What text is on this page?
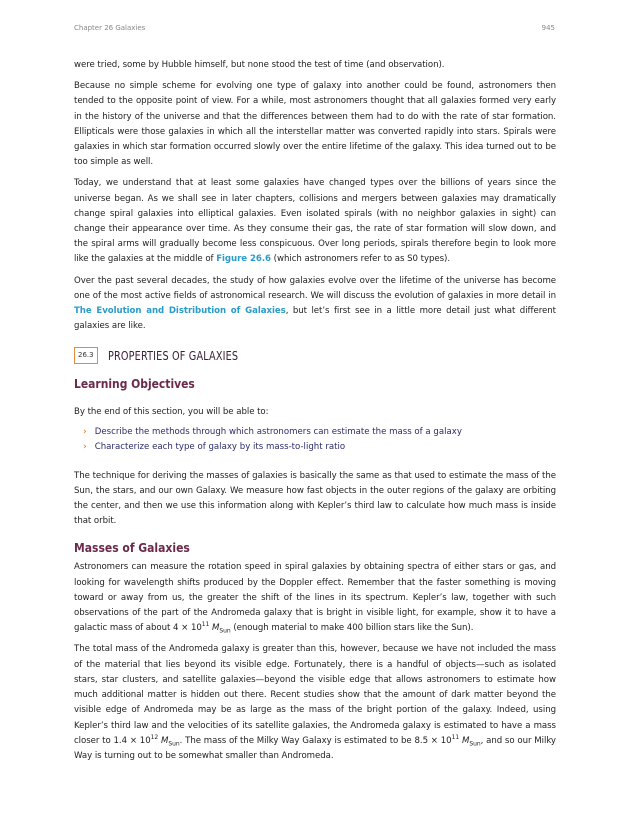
Chapter 26 Galaxies	945

were tried, some by Hubble himself, but none stood the test of time (and observation).

Because no simple scheme for evolving one type of galaxy into another could be found, astronomers then tended to the opposite point of view. For a while, most astronomers thought that all galaxies formed very early in the history of the universe and that the differences between them had to do with the rate of star formation. Ellipticals were those galaxies in which all the interstellar matter was converted rapidly into stars. Spirals were galaxies in which star formation occurred slowly over the entire lifetime of the galaxy. This idea turned out to be too simple as well.

Today, we understand that at least some galaxies have changed types over the billions of years since the universe began. As we shall see in later chapters, collisions and mergers between galaxies may dramatically change spiral galaxies into elliptical galaxies. Even isolated spirals (with no neighbor galaxies in sight) can change their appearance over time. As they consume their gas, the rate of star formation will slow down, and the spiral arms will gradually become less conspicuous. Over long periods, spirals therefore begin to look more like the galaxies at the middle of Figure 26.6 (which astronomers refer to as S0 types).

Over the past several decades, the study of how galaxies evolve over the lifetime of the universe has become one of the most active fields of astronomical research. We will discuss the evolution of galaxies in more detail in The Evolution and Distribution of Galaxies, but let’s first see in a little more detail just what different galaxies are like.

26.3	PROPERTIES OF GALAXIES
Learning Objectives

By the end of this section, you will be able to:

› Describe the methods through which astronomers can estimate the mass of a galaxy
› Characterize each type of galaxy by its mass-to-light ratio

The technique for deriving the masses of galaxies is basically the same as that used to estimate the mass of the Sun, the stars, and our own Galaxy. We measure how fast objects in the outer regions of the galaxy are orbiting the center, and then we use this information along with Kepler’s third law to calculate how much mass is inside that orbit.

Masses of Galaxies

Astronomers can measure the rotation speed in spiral galaxies by obtaining spectra of either stars or gas, and looking for wavelength shifts produced by the Doppler effect. Remember that the faster something is moving toward or away from us, the greater the shift of the lines in its spectrum. Kepler’s law, together with such observations of the part of the Andromeda galaxy that is bright in visible light, for example, show it to have a galactic mass of about $4 \times 10^{11}$ $M_{Sun}$ (enough material to make 400 billion stars like the Sun).

The total mass of the Andromeda galaxy is greater than this, however, because we have not included the mass of the material that lies beyond its visible edge. Fortunately, there is a handful of objects—such as isolated stars, star clusters, and satellite galaxies—beyond the visible edge that allows astronomers to estimate how much additional matter is hidden out there. Recent studies show that the amount of dark matter beyond the visible edge of Andromeda may be as large as the mass of the bright portion of the galaxy. Indeed, using Kepler’s third law and the velocities of its satellite galaxies, the Andromeda galaxy is estimated to have a mass closer to $1.4 \times 10^{12}$ $M_{Sun}$. The mass of the Milky Way Galaxy is estimated to be $8.5 \times 10^{11}$ $M_{Sun}$, and so our Milky Way is turning out to be somewhat smaller than Andromeda.
